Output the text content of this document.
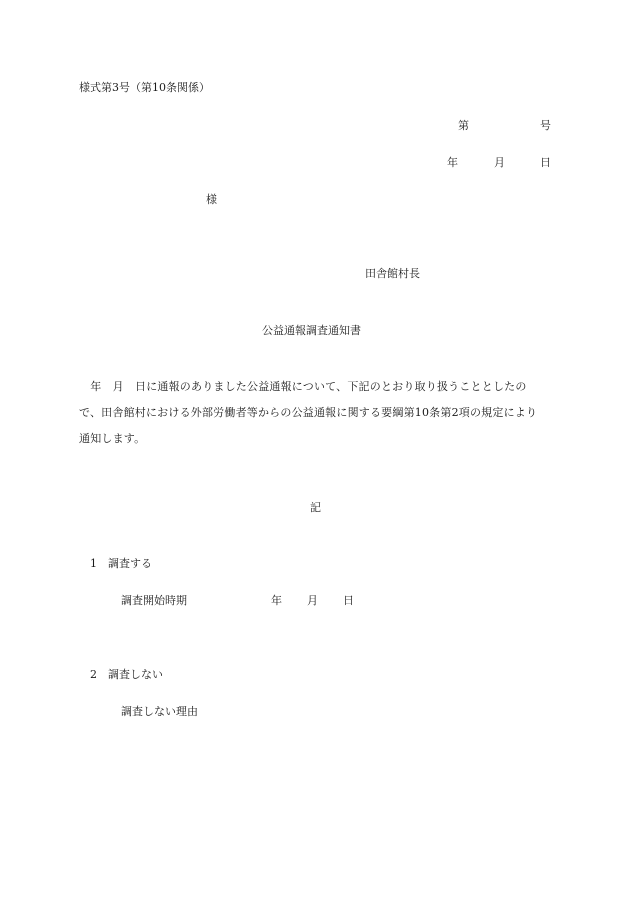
様式第3号（第10条関係）
第	号
年	月	日
様
田舎館村長
公益通報調査通知書
　年　月　日に通報のありました公益通報について、下記のとおり取り扱うこととしたの
で、田舎館村における外部労働者等からの公益通報に関する要綱第10条第2項の規定により
通知します。
記
1 調査する
調査開始時期	年 月 日
2 調査しない
調査しない理由
